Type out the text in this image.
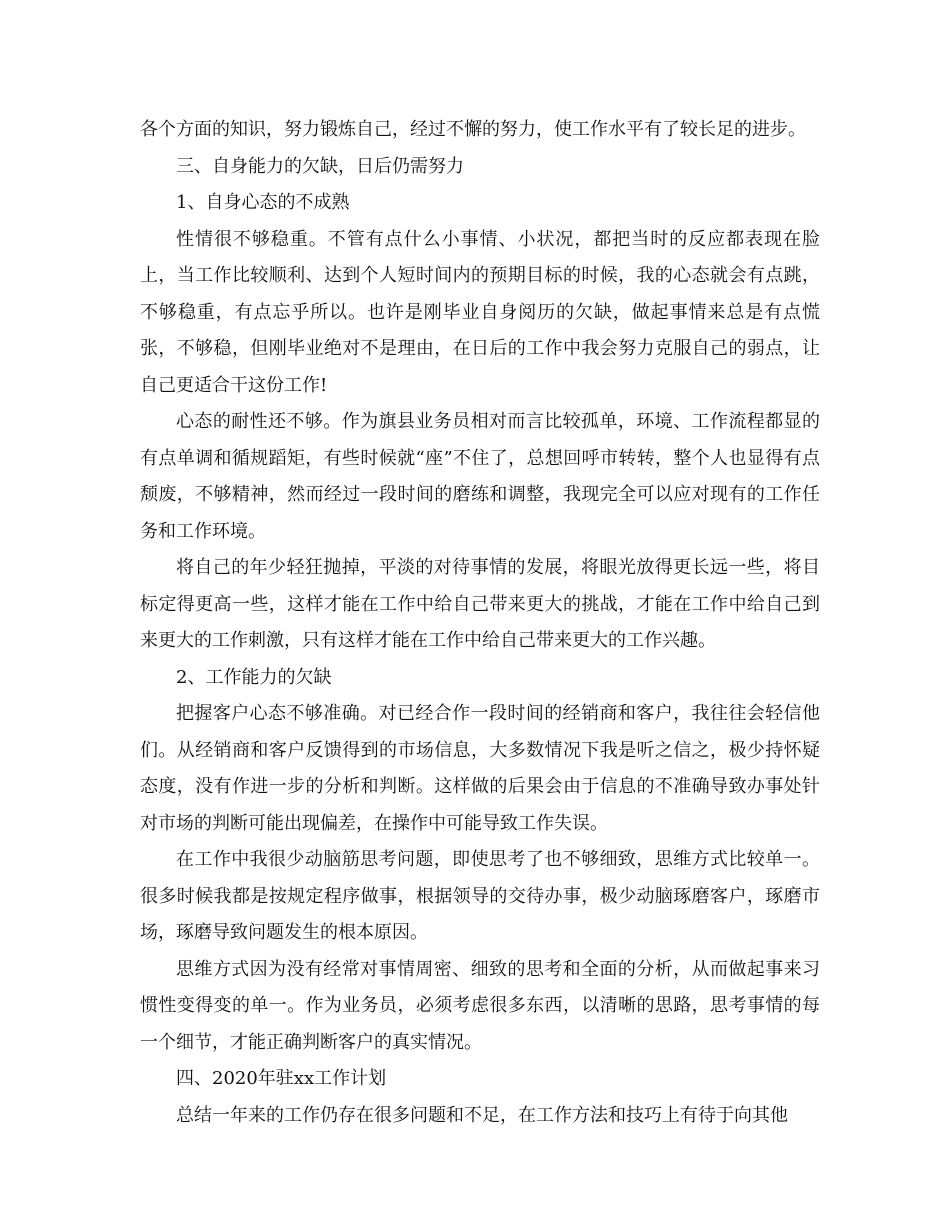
各个方面的知识，努力锻炼自己，经过不懈的努力，使工作水平有了较长足的进步。

三、自身能力的欠缺，日后仍需努力

1、自身心态的不成熟

性情很不够稳重。不管有点什么小事情、小状况，都把当时的反应都表现在脸上，当工作比较顺利、达到个人短时间内的预期目标的时候，我的心态就会有点跳，不够稳重，有点忘乎所以。也许是刚毕业自身阅历的欠缺，做起事情来总是有点慌张，不够稳，但刚毕业绝对不是理由，在日后的工作中我会努力克服自己的弱点，让自己更适合干这份工作!

心态的耐性还不够。作为旗县业务员相对而言比较孤单，环境、工作流程都显的有点单调和循规蹈矩，有些时候就“座”不住了，总想回呼市转转，整个人也显得有点颓废，不够精神，然而经过一段时间的磨练和调整，我现完全可以应对现有的工作任务和工作环境。

将自己的年少轻狂抛掉，平淡的对待事情的发展，将眼光放得更长远一些，将目标定得更高一些，这样才能在工作中给自己带来更大的挑战，才能在工作中给自己到来更大的工作刺激，只有这样才能在工作中给自己带来更大的工作兴趣。

2、工作能力的欠缺

把握客户心态不够准确。对已经合作一段时间的经销商和客户，我往往会轻信他们。从经销商和客户反馈得到的市场信息，大多数情况下我是听之信之，极少持怀疑态度，没有作进一步的分析和判断。这样做的后果会由于信息的不准确导致办事处针对市场的判断可能出现偏差，在操作中可能导致工作失误。

在工作中我很少动脑筋思考问题，即使思考了也不够细致，思维方式比较单一。很多时候我都是按规定程序做事，根据领导的交待办事，极少动脑琢磨客户，琢磨市场，琢磨导致问题发生的根本原因。

思维方式因为没有经常对事情周密、细致的思考和全面的分析，从而做起事来习惯性变得变的单一。作为业务员，必须考虑很多东西，以清晰的思路，思考事情的每一个细节，才能正确判断客户的真实情况。

四、2020年驻xx工作计划

总结一年来的工作仍存在很多问题和不足，在工作方法和技巧上有待于向其他
